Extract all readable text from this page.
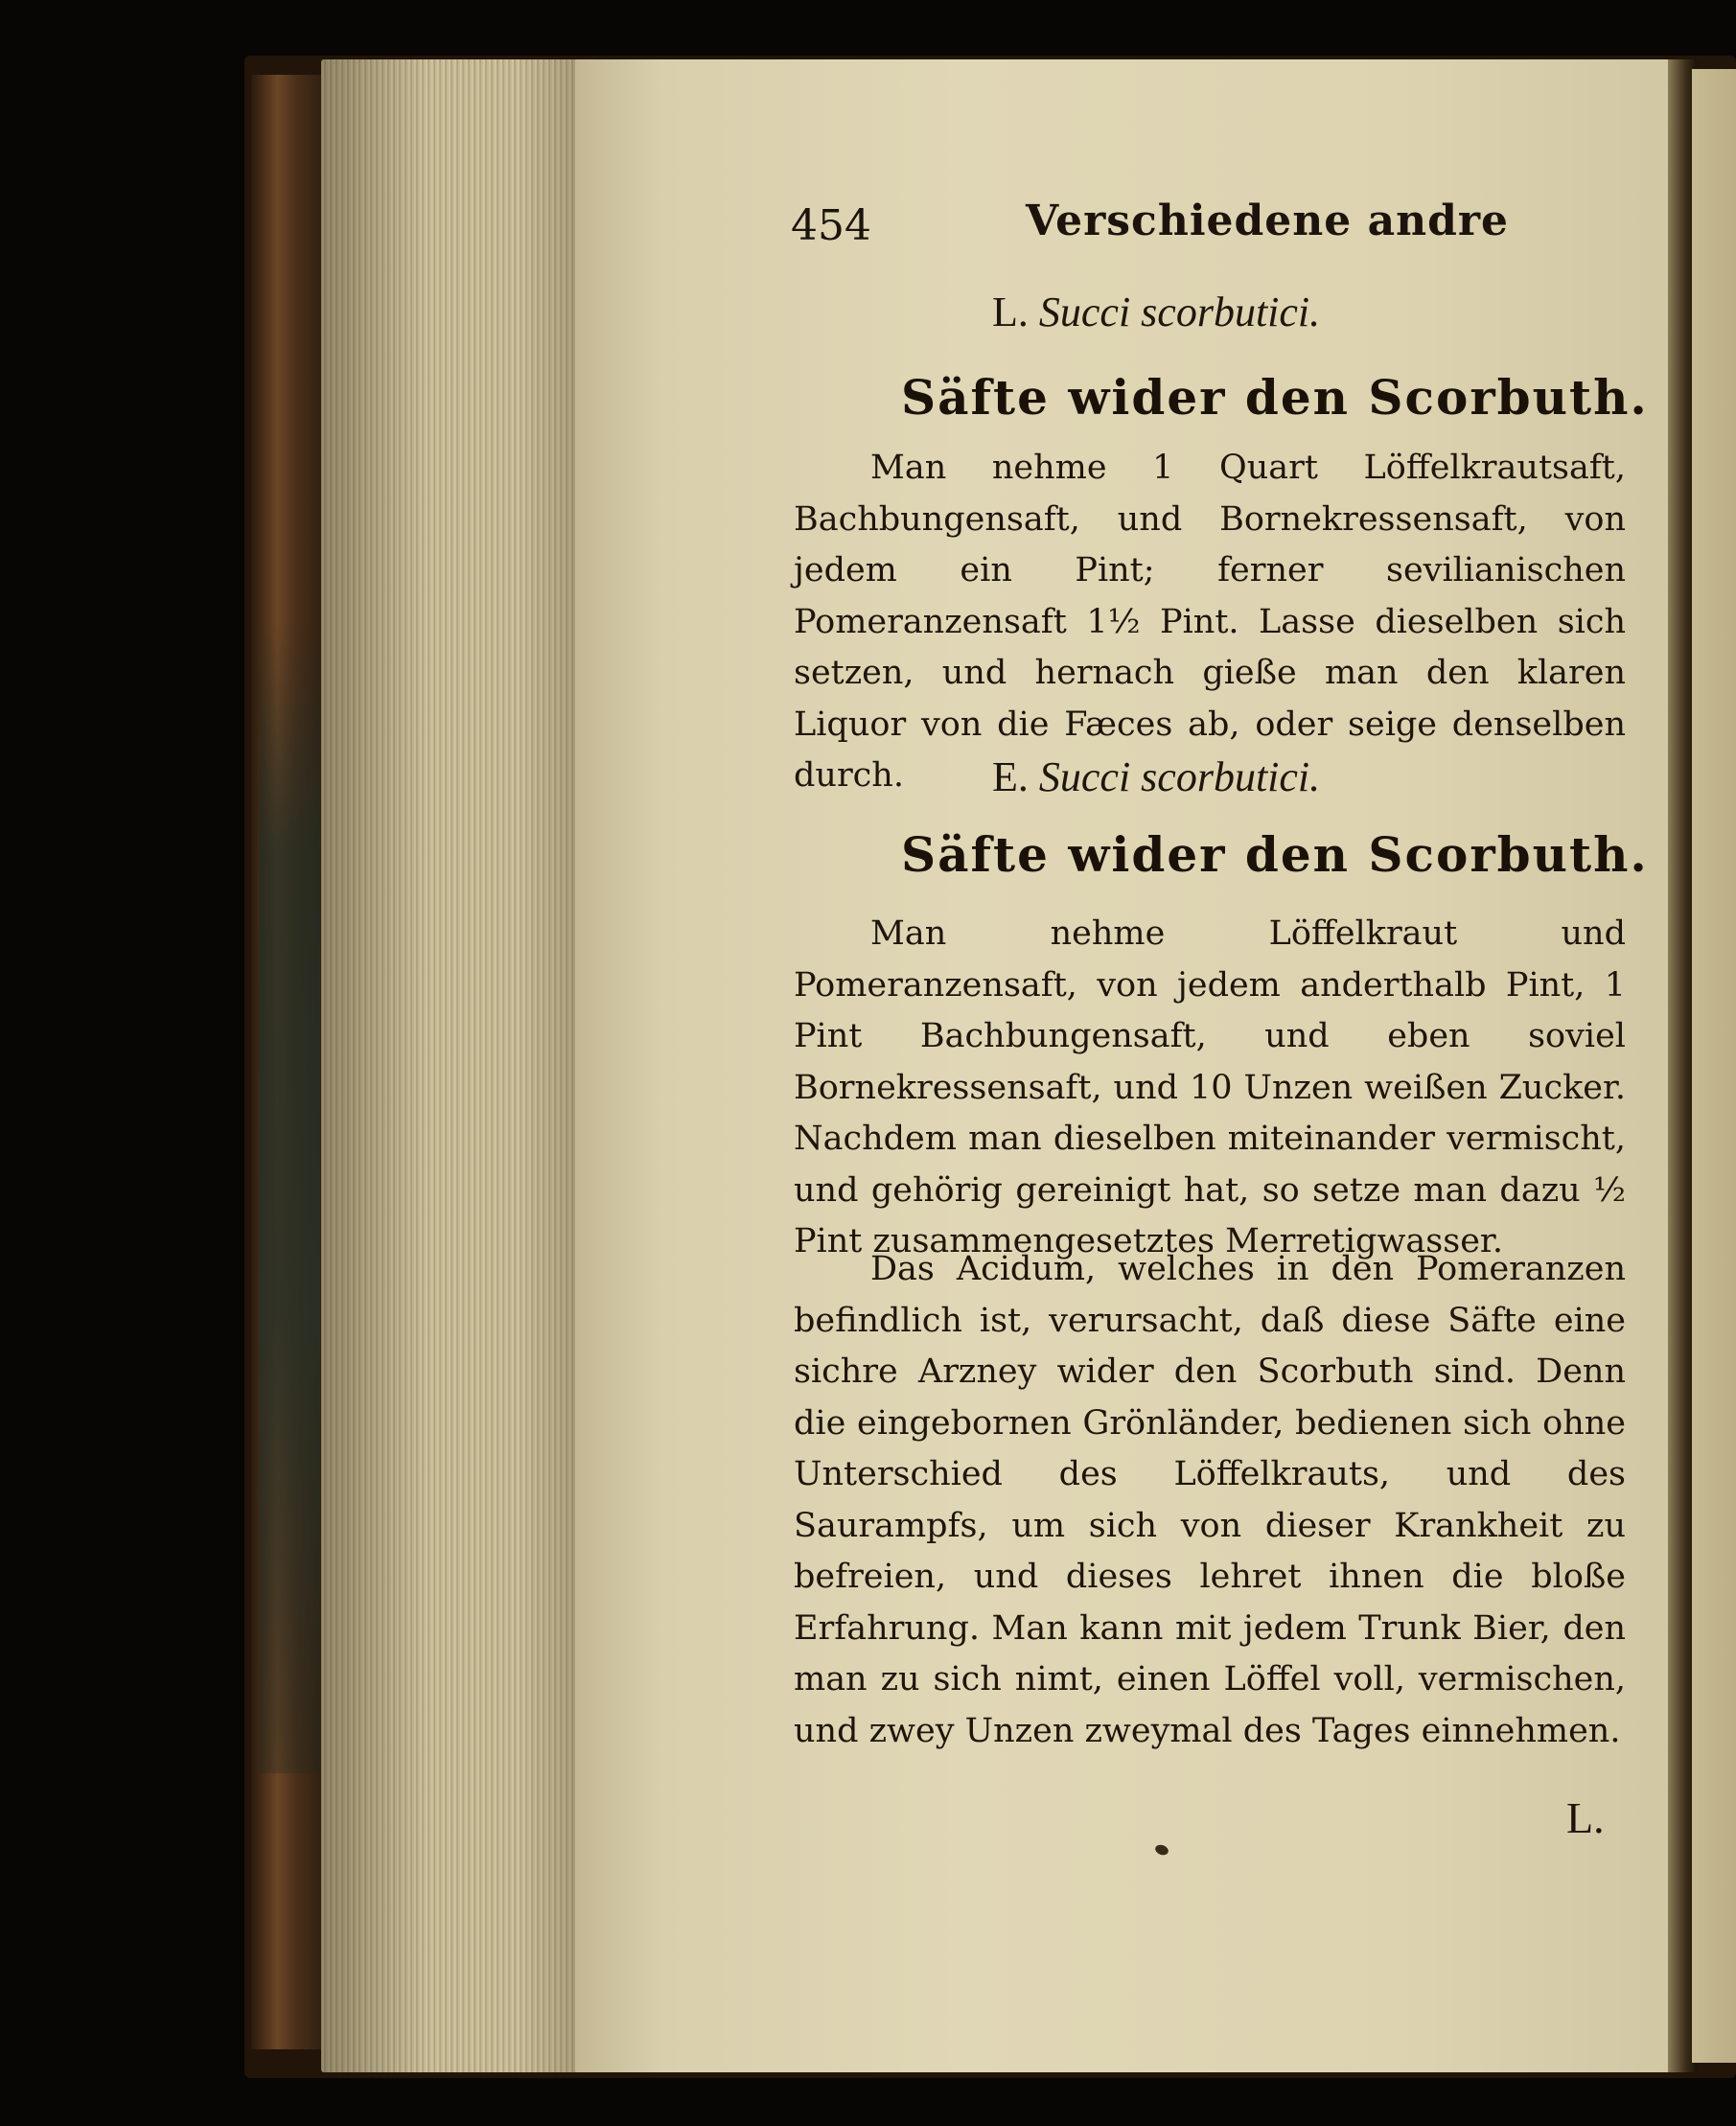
454	Verschiedene andre
L. Succi scorbutici.
Säfte wider den Scorbuth.
Man nehme 1 Quart Löffelkrautsaft, Bachbungensaft, und Bornekressensaft, von jedem ein Pint; ferner sevilianischen Pomeranzensaft 1½ Pint. Lasse dieselben sich setzen, und hernach gieße man den klaren Liquor von die Fæces ab, oder seige denselben durch.	E. Succi scorbutici.
Säfte wider den Scorbuth.
Man nehme Löffelkraut und Pomeranzensaft, von jedem anderthalb Pint, 1 Pint Bachbungensaft, und eben soviel Bornekressensaft, und 10 Unzen weißen Zucker. Nachdem man dieselben miteinander vermischt, und gehörig gereinigt hat, so setze man dazu ½ Pint zusammengesetztes Merretigwasser.
Das Acidum, welches in den Pomeranzen befindlich ist, verursacht, daß diese Säfte eine sichre Arzney wider den Scorbuth sind. Denn die eingebornen Grönländer, bedienen sich ohne Unterschied des Löffelkrauts, und des Saurampfs, um sich von dieser Krankheit zu befreien, und dieses lehret ihnen die bloße Erfahrung. Man kann mit jedem Trunk Bier, den man zu sich nimt, einen Löffel voll, vermischen, und zwey Unzen zweymal des Tages einnehmen.
L.
